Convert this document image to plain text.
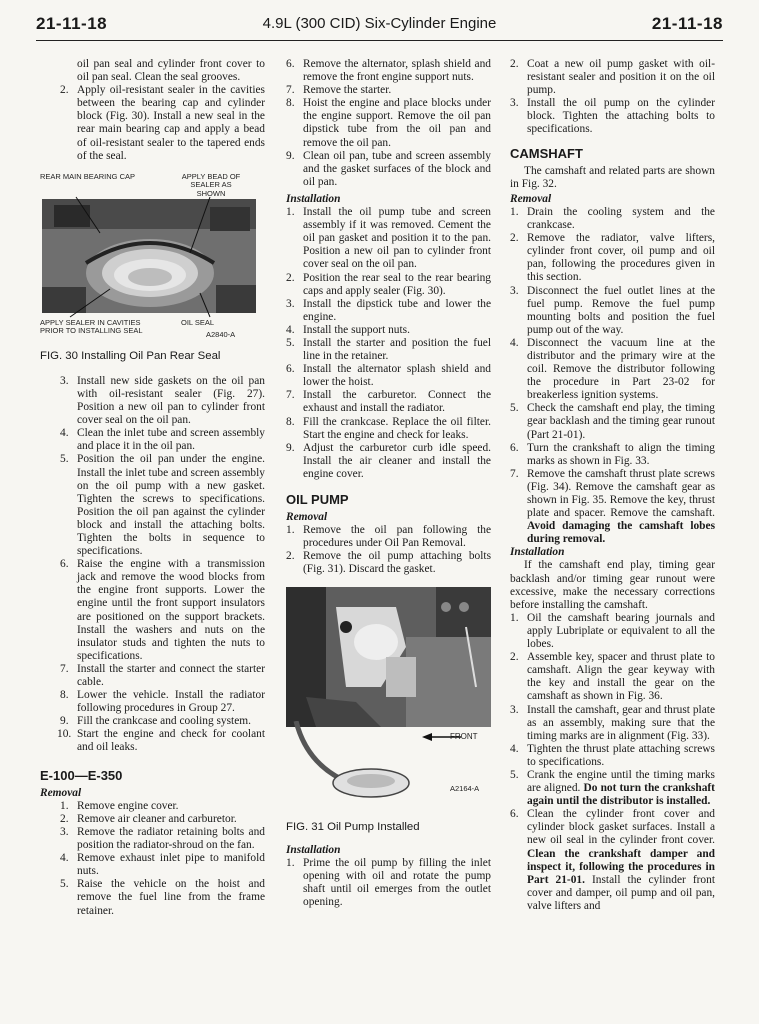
21-11-18	4.9L (300 CID) Six-Cylinder Engine	21-11-18

oil pan seal and cylinder front cover to oil pan seal. Clean the seal grooves.

2. Apply oil-resistant sealer in the cavities between the bearing cap and cylinder block (Fig. 30). Install a new seal in the rear main bearing cap and apply a bead of oil-resistant sealer to the tapered ends of the seal.
REAR MAIN BEARING CAP	APPLY BEAD OF SEALER AS SHOWN
APPLY SEALER IN CAVITIES PRIOR TO INSTALLING SEAL
OIL SEAL
A2840-A
FIG. 30 Installing Oil Pan Rear Seal
3. Install new side gaskets on the oil pan with oil-resistant sealer (Fig. 27). Position a new oil pan to cylinder front cover seal on the oil pan.
4. Clean the inlet tube and screen assembly and place it in the oil pan.
5. Position the oil pan under the engine. Install the inlet tube and screen assembly on the oil pump with a new gasket. Tighten the screws to specifications. Position the oil pan against the cylinder block and install the attaching bolts. Tighten the bolts in sequence to specifications.
6. Raise the engine with a transmission jack and remove the wood blocks from the engine front supports. Lower the engine until the front support insulators are positioned on the support brackets. Install the washers and nuts on the insulator studs and tighten the nuts to specifications.
7. Install the starter and connect the starter cable.
8. Lower the vehicle. Install the radiator following procedures in Group 27.
9. Fill the crankcase and cooling system.
10. Start the engine and check for coolant and oil leaks.
E-100—E-350
Removal
1. Remove engine cover.
2. Remove air cleaner and carburetor.
3. Remove the radiator retaining bolts and position the radiator-shroud on the fan.
4. Remove exhaust inlet pipe to manifold nuts.
5. Raise the vehicle on the hoist and remove the fuel line from the frame retainer.
6. Remove the alternator, splash shield and remove the front engine support nuts.
7. Remove the starter.
8. Hoist the engine and place blocks under the engine support. Remove the oil pan dipstick tube from the oil pan and remove the oil pan.
9. Clean oil pan, tube and screen assembly and the gasket surfaces of the block and oil pan.
Installation
1. Install the oil pump tube and screen assembly if it was removed. Cement the oil pan gasket and position it to the pan. Position a new oil pan to cylinder front cover seal on the oil pan.
2. Position the rear seal to the rear bearing caps and apply sealer (Fig. 30).
3. Install the dipstick tube and lower the engine.
4. Install the support nuts.
5. Install the starter and position the fuel line in the retainer.
6. Install the alternator splash shield and lower the hoist.
7. Install the carburetor. Connect the exhaust and install the radiator.
8. Fill the crankcase. Replace the oil filter. Start the engine and check for leaks.
9. Adjust the carburetor curb idle speed. Install the air cleaner and install the engine cover.
OIL PUMP
Removal
1. Remove the oil pan following the procedures under Oil Pan Removal.
2. Remove the oil pump attaching bolts (Fig. 31). Discard the gasket.
FRONT
A2164-A
FIG. 31 Oil Pump Installed
Installation
1. Prime the oil pump by filling the inlet opening with oil and rotate the pump shaft until oil emerges from the outlet opening.
2. Coat a new oil pump gasket with oil-resistant sealer and position it on the oil pump.
3. Install the oil pump on the cylinder block. Tighten the attaching bolts to specifications.
CAMSHAFT

The camshaft and related parts are shown in Fig. 32.

Removal
1. Drain the cooling system and the crankcase.
2. Remove the radiator, valve lifters, cylinder front cover, oil pump and oil pan, following the procedures given in this section.
3. Disconnect the fuel outlet lines at the fuel pump. Remove the fuel pump mounting bolts and position the fuel pump out of the way.
4. Disconnect the vacuum line at the distributor and the primary wire at the coil. Remove the distributor following the procedure in Part 23-02 for breakerless ignition systems.
5. Check the camshaft end play, the timing gear backlash and the timing gear runout (Part 21-01).
6. Turn the crankshaft to align the timing marks as shown in Fig. 33.
7. Remove the camshaft thrust plate screws (Fig. 34). Remove the camshaft gear as shown in Fig. 35. Remove the key, thrust plate and spacer. Remove the camshaft. Avoid damaging the camshaft lobes during removal.
Installation

If the camshaft end play, timing gear backlash and/or timing gear runout were excessive, make the necessary corrections before installing the camshaft.

1. Oil the camshaft bearing journals and apply Lubriplate or equivalent to all the lobes.
2. Assemble key, spacer and thrust plate to camshaft. Align the gear keyway with the key and install the gear on the camshaft as shown in Fig. 36.
3. Install the camshaft, gear and thrust plate as an assembly, making sure that the timing marks are in alignment (Fig. 33).
4. Tighten the thrust plate attaching screws to specifications.
5. Crank the engine until the timing marks are aligned. Do not turn the crankshaft again until the distributor is installed.
6. Clean the cylinder front cover and cylinder block gasket surfaces. Install a new oil seal in the cylinder front cover. Clean the crankshaft damper and inspect it, following the procedures in Part 21-01. Install the cylinder front cover and damper, oil pump and oil pan, valve lifters and
